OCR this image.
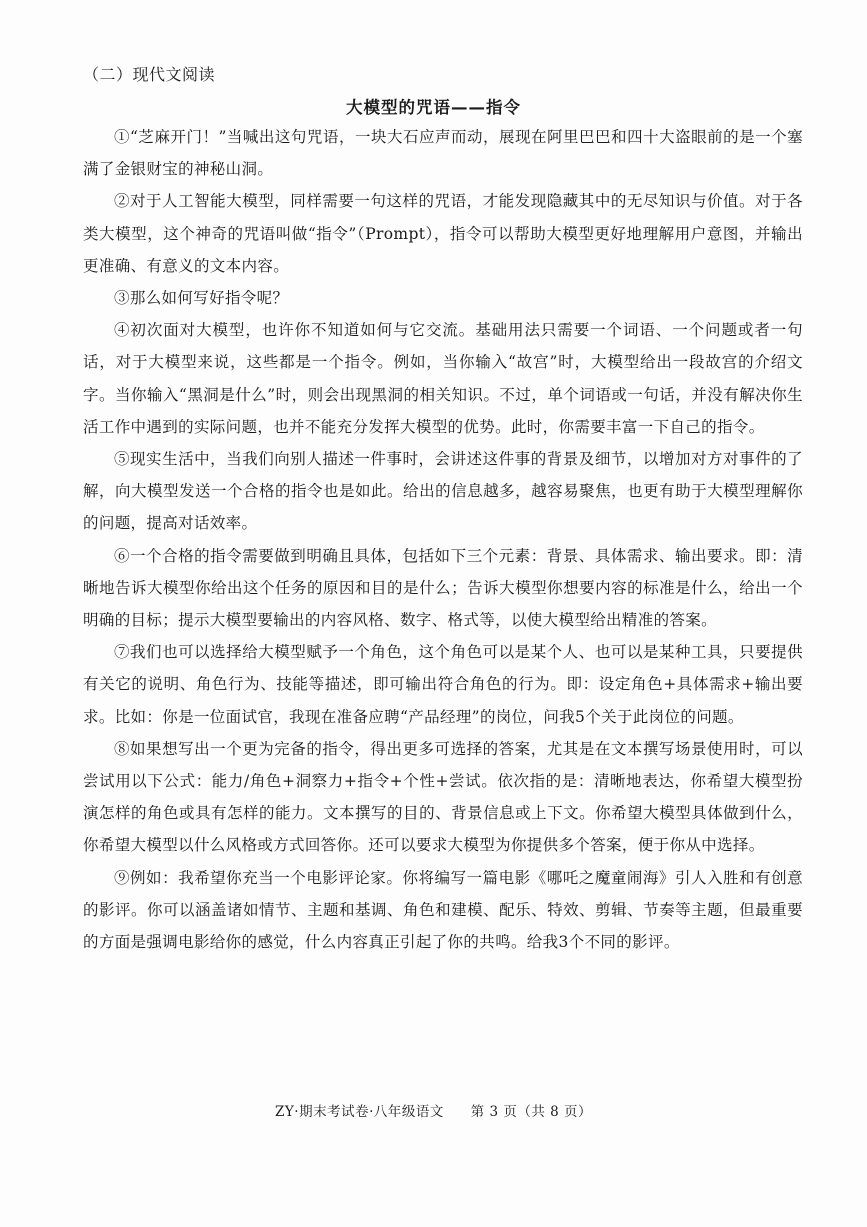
（二）现代文阅读
大模型的咒语——指令

①“芝麻开门！”当喊出这句咒语，一块大石应声而动，展现在阿里巴巴和四十大盗眼前的是一个塞满了金银财宝的神秘山洞。

②对于人工智能大模型，同样需要一句这样的咒语，才能发现隐藏其中的无尽知识与价值。对于各类大模型，这个神奇的咒语叫做“指令”（Prompt），指令可以帮助大模型更好地理解用户意图，并输出更准确、有意义的文本内容。

③那么如何写好指令呢？

④初次面对大模型，也许你不知道如何与它交流。基础用法只需要一个词语、一个问题或者一句话，对于大模型来说，这些都是一个指令。例如，当你输入“故宫”时，大模型给出一段故宫的介绍文字。当你输入“黑洞是什么”时，则会出现黑洞的相关知识。不过，单个词语或一句话，并没有解决你生活工作中遇到的实际问题，也并不能充分发挥大模型的优势。此时，你需要丰富一下自己的指令。

⑤现实生活中，当我们向别人描述一件事时，会讲述这件事的背景及细节，以增加对方对事件的了解，向大模型发送一个合格的指令也是如此。给出的信息越多，越容易聚焦，也更有助于大模型理解你的问题，提高对话效率。

⑥一个合格的指令需要做到明确且具体，包括如下三个元素：背景、具体需求、输出要求。即：清晰地告诉大模型你给出这个任务的原因和目的是什么；告诉大模型你想要内容的标准是什么，给出一个明确的目标；提示大模型要输出的内容风格、数字、格式等，以使大模型给出精准的答案。

⑦我们也可以选择给大模型赋予一个角色，这个角色可以是某个人、也可以是某种工具，只要提供有关它的说明、角色行为、技能等描述，即可输出符合角色的行为。即：设定角色+具体需求+输出要求。比如：你是一位面试官，我现在准备应聘“产品经理”的岗位，问我5个关于此岗位的问题。

⑧如果想写出一个更为完备的指令，得出更多可选择的答案，尤其是在文本撰写场景使用时，可以尝试用以下公式：能力/角色+洞察力+指令+个性+尝试。依次指的是：清晰地表达，你希望大模型扮演怎样的角色或具有怎样的能力。文本撰写的目的、背景信息或上下文。你希望大模型具体做到什么，你希望大模型以什么风格或方式回答你。还可以要求大模型为你提供多个答案，便于你从中选择。

⑨例如：我希望你充当一个电影评论家。你将编写一篇电影《哪吒之魔童闹海》引人入胜和有创意的影评。你可以涵盖诸如情节、主题和基调、角色和建模、配乐、特效、剪辑、节奏等主题，但最重要的方面是强调电影给你的感觉，什么内容真正引起了你的共鸣。给我3个不同的影评。

ZY·期末考试卷·八年级语文 第 3 页（共 8 页）
